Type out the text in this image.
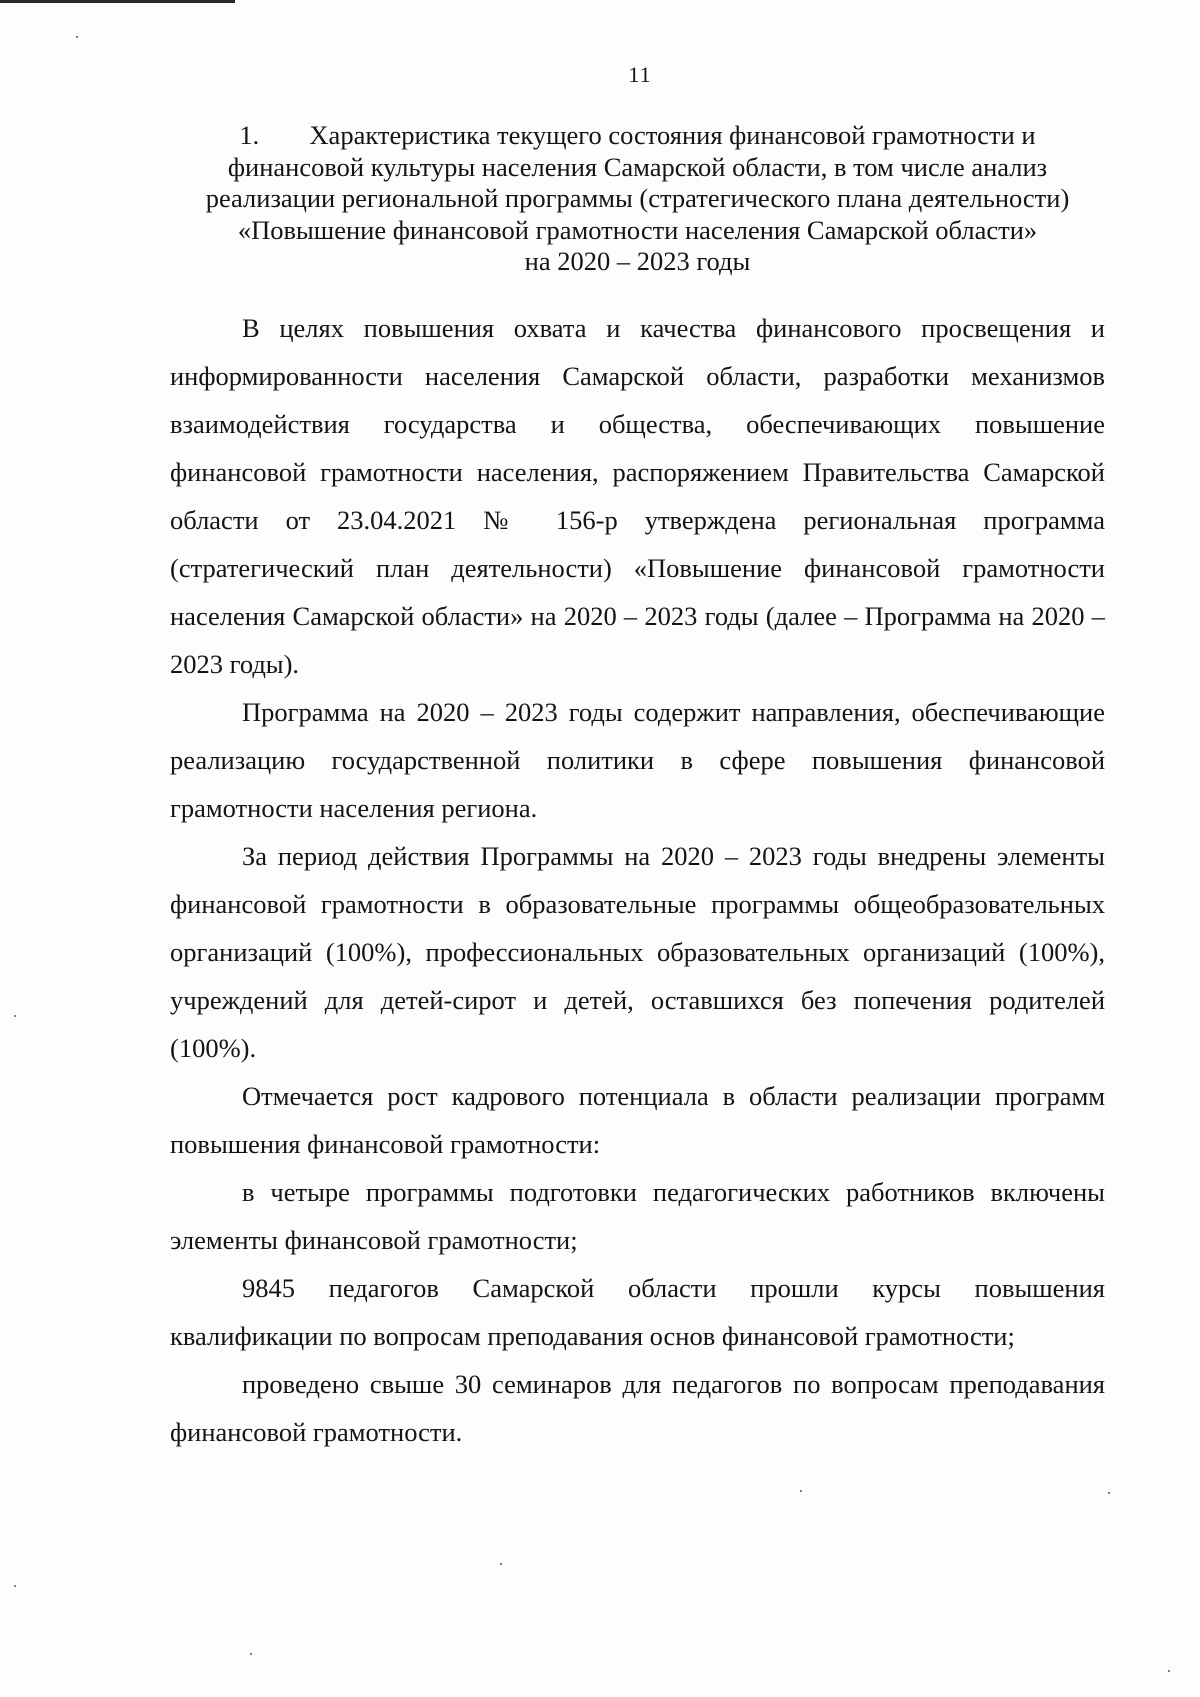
11
1. Характеристика текущего состояния финансовой грамотности и
финансовой культуры населения Самарской области, в том числе анализ
реализации региональной программы (стратегического плана деятельности)
«Повышение финансовой грамотности населения Самарской области»
на 2020 – 2023 годы

В целях повышения охвата и качества финансового просвещения и информированности населения Самарской области, разработки механизмов взаимодействия государства и общества, обеспечивающих повышение финансовой грамотности населения, распоряжением Правительства Самарской области от 23.04.2021 № 156-р утверждена региональная программа (стратегический план деятельности) «Повышение финансовой грамотности населения Самарской области» на 2020 – 2023 годы (далее – Программа на 2020 – 2023 годы).

Программа на 2020 – 2023 годы содержит направления, обеспечивающие реализацию государственной политики в сфере повышения финансовой грамотности населения региона.

За период действия Программы на 2020 – 2023 годы внедрены элементы финансовой грамотности в образовательные программы общеобразовательных организаций (100%), профессиональных образовательных организаций (100%), учреждений для детей-сирот и детей, оставшихся без попечения родителей (100%).

Отмечается рост кадрового потенциала в области реализации программ повышения финансовой грамотности:

в четыре программы подготовки педагогических работников включены элементы финансовой грамотности;

9845 педагогов Самарской области прошли курсы повышения квалификации по вопросам преподавания основ финансовой грамотности;

проведено свыше 30 семинаров для педагогов по вопросам преподавания финансовой грамотности.
